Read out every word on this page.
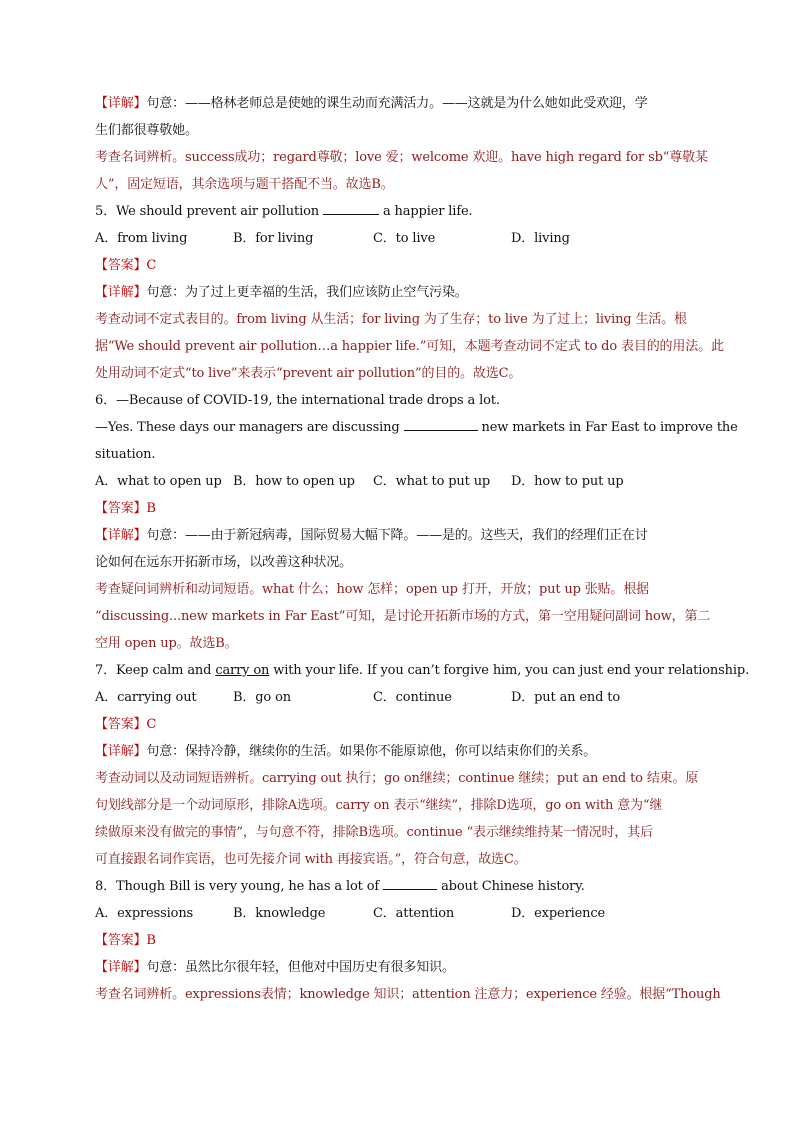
【详解】句意：——格林老师总是使她的课生动而充满活力。——这就是为什么她如此受欢迎，学
生们都很尊敬她。
考查名词辨析。success成功；regard尊敬；love 爱；welcome 欢迎。have high regard for sb“尊敬某
人”，固定短语，其余选项与题干搭配不当。故选B。
5．We should prevent air pollution	a happier life.
A．from living	B．for living	C．to live	D．living
【答案】C
【详解】句意：为了过上更幸福的生活，我们应该防止空气污染。
考查动词不定式表目的。from living 从生活；for living 为了生存；to live 为了过上；living 生活。根
据“We should prevent air pollution…a happier life.”可知，本题考查动词不定式 to do 表目的的用法。此
处用动词不定式“to live”来表示“prevent air pollution”的目的。故选C。
6．—Because of COVID-19, the international trade drops a lot.
—Yes. These days our managers are discussing	new markets in Far East to improve the
situation.
A．what to open up B．how to open up	C．what to put up	D．how to put up
【答案】B
【详解】句意：——由于新冠病毒，国际贸易大幅下降。——是的。这些天，我们的经理们正在讨
论如何在远东开拓新市场，以改善这种状况。
考查疑问词辨析和动词短语。what 什么；how 怎样；open up 打开，开放；put up 张贴。根据
“discussing...new markets in Far East”可知，是讨论开拓新市场的方式，第一空用疑问副词 how，第二
空用 open up。故选B。
7．Keep calm and carry on with your life. If you can’t forgive him, you can just end your relationship.
A．carrying out	B．go on	C．continue	D．put an end to
【答案】C
【详解】句意：保持冷静，继续你的生活。如果你不能原谅他，你可以结束你们的关系。
考查动词以及动词短语辨析。carrying out 执行；go on继续；continue 继续；put an end to 结束。原
句划线部分是一个动词原形，排除A选项。carry on 表示“继续”，排除D选项，go on with 意为“继
续做原来没有做完的事情”，与句意不符，排除B选项。continue “表示继续维持某一情况时，其后
可直接跟名词作宾语，也可先接介词 with 再接宾语。”，符合句意，故选C。
8．Though Bill is very young, he has a lot of	about Chinese history.
A．expressions	B．knowledge	C．attention	D．experience
【答案】B
【详解】句意：虽然比尔很年轻，但他对中国历史有很多知识。
考查名词辨析。expressions表情；knowledge 知识；attention 注意力；experience 经验。根据“Though
